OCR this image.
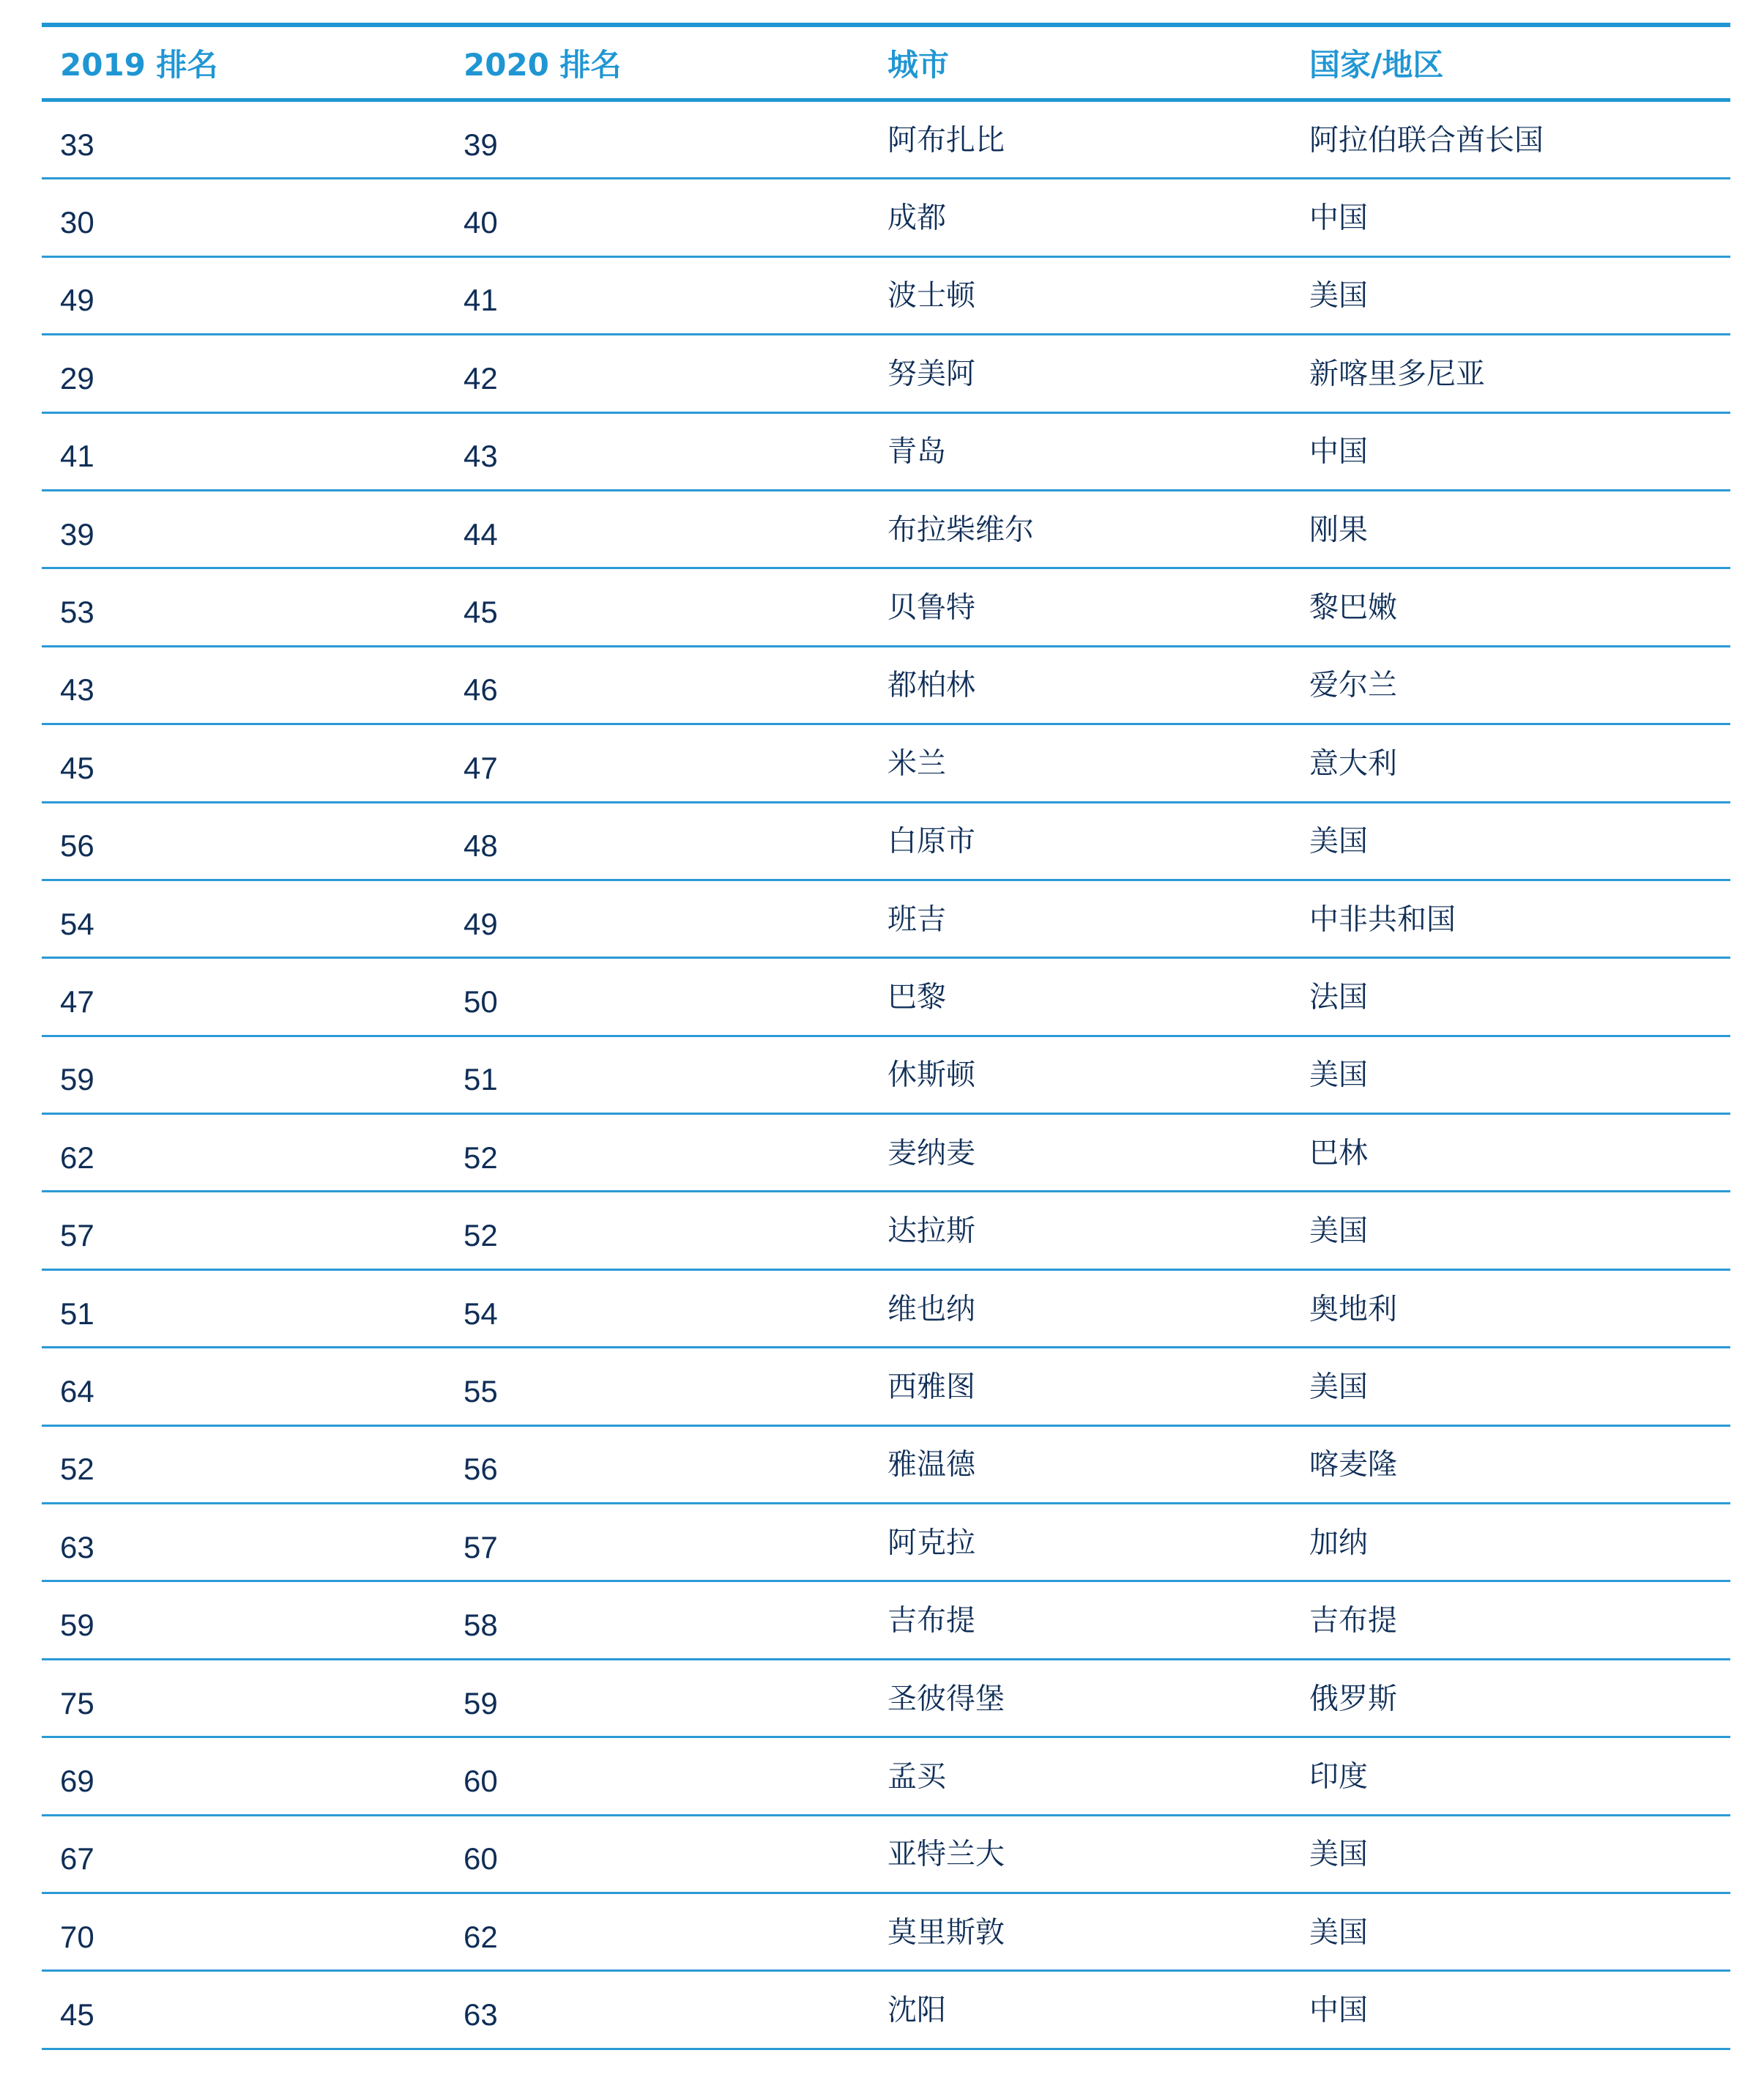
2019 排名	2020 排名	城市	国家/地区
33	39	阿布扎比	阿拉伯联合酋长国
30	40	成都	中国
49	41	波士顿	美国
29	42	努美阿	新喀里多尼亚
41	43	青岛	中国
39	44	布拉柴维尔	刚果
53	45	贝鲁特	黎巴嫩
43	46	都柏林	爱尔兰
45	47	米兰	意大利
56	48	白原市	美国
54	49	班吉	中非共和国
47	50	巴黎	法国
59	51	休斯顿	美国
62	52	麦纳麦	巴林
57	52	达拉斯	美国
51	54	维也纳	奥地利
64	55	西雅图	美国
52	56	雅温德	喀麦隆
63	57	阿克拉	加纳
59	58	吉布提	吉布提
75	59	圣彼得堡	俄罗斯
69	60	孟买	印度
67	60	亚特兰大	美国
70	62	莫里斯敦	美国
45	63	沈阳	中国
